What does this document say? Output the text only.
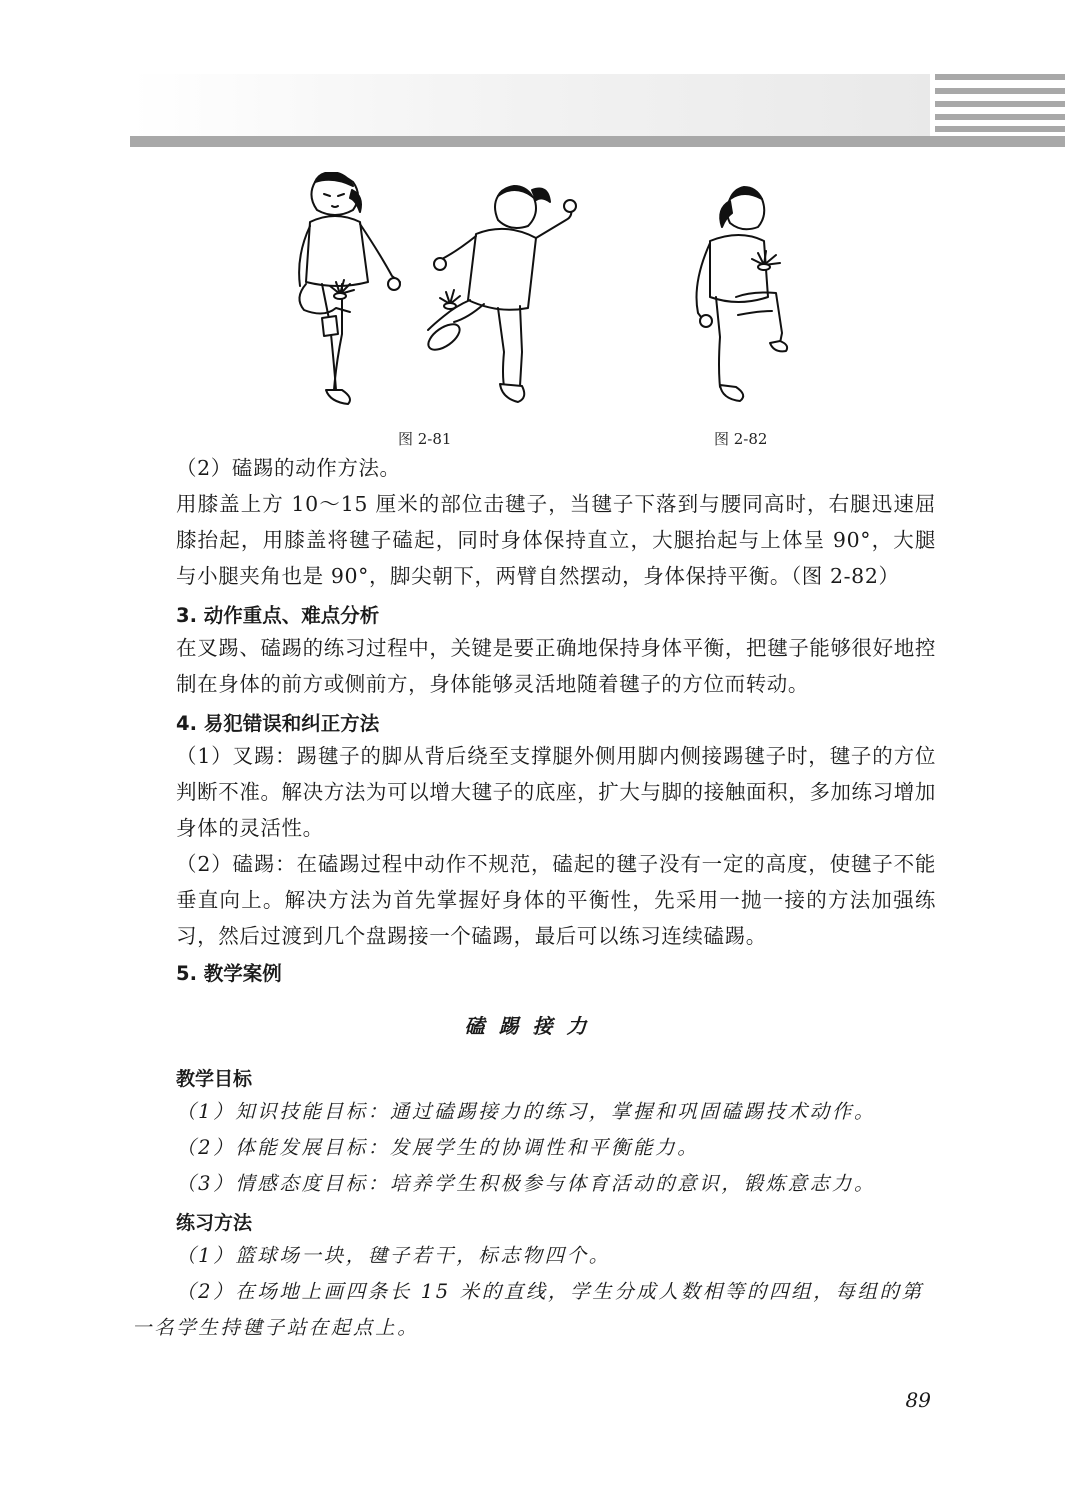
图 2-81	图 2-82
（2）磕踢的动作方法。
用膝盖上方 10～15 厘米的部位击毽子，当毽子下落到与腰同高时，右腿迅速屈膝抬起，用膝盖将毽子磕起，同时身体保持直立，大腿抬起与上体呈 90°，大腿与小腿夹角也是 90°，脚尖朝下，两臂自然摆动，身体保持平衡。（图 2-82）
3. 动作重点、难点分析
在叉踢、磕踢的练习过程中，关键是要正确地保持身体平衡，把毽子能够很好地控制在身体的前方或侧前方，身体能够灵活地随着毽子的方位而转动。
4. 易犯错误和纠正方法
（1）叉踢：踢毽子的脚从背后绕至支撑腿外侧用脚内侧接踢毽子时，毽子的方位判断不准。解决方法为可以增大毽子的底座，扩大与脚的接触面积，多加练习增加身体的灵活性。
（2）磕踢：在磕踢过程中动作不规范，磕起的毽子没有一定的高度，使毽子不能垂直向上。解决方法为首先掌握好身体的平衡性，先采用一抛一接的方法加强练习，然后过渡到几个盘踢接一个磕踢，最后可以练习连续磕踢。
5. 教学案例
磕踢接力
教学目标
（1）知识技能目标：通过磕踢接力的练习，掌握和巩固磕踢技术动作。
（2）体能发展目标：发展学生的协调性和平衡能力。
（3）情感态度目标：培养学生积极参与体育活动的意识，锻炼意志力。
练习方法
（1）篮球场一块，毽子若干，标志物四个。
（2）在场地上画四条长 15 米的直线，学生分成人数相等的四组，每组的第一名学生持毽子站在起点上。
89
